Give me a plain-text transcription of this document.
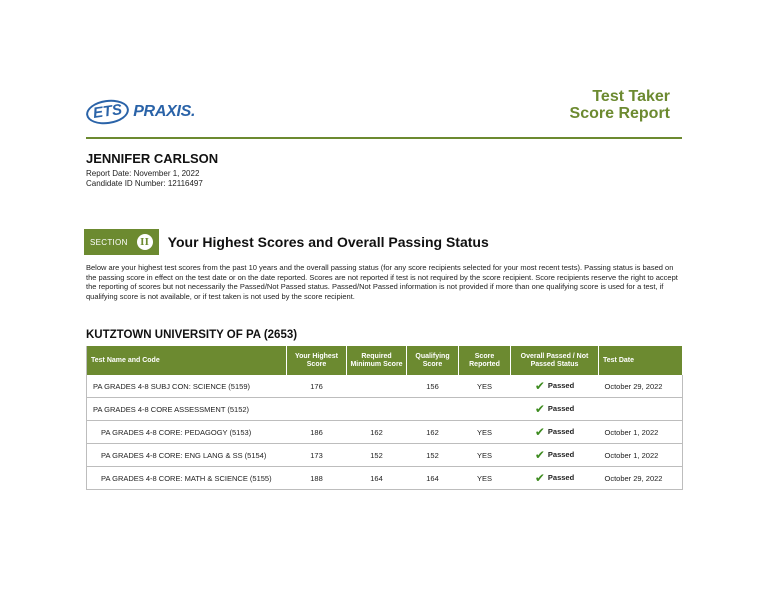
ETS PRAXIS.
Test Taker
Score Report
JENNIFER CARLSON
Report Date: November 1, 2022
Candidate ID Number: 12116497
SECTION	II Your Highest Scores and Overall Passing Status

Below are your highest test scores from the past 10 years and the overall passing status (for any score recipients selected for your most recent tests). Passing status is based on the passing score in effect on the test date or on the date reported. Scores are not reported if test is not required by the score recipient. Score recipients reserve the right to accept the reporting of scores but not necessarily the Passed/Not Passed status. Passed/Not Passed information is not provided if more than one qualifying score is used for a test, if qualifying score is not available, or if test taken is not used by the score recipient.

KUTZTOWN UNIVERSITY OF PA (2653)
Test Name and Code	Your Highest Score	Required Minimum Score	Qualifying Score	Score Reported	Overall Passed / Not Passed Status	Test Date
PA GRADES 4-8 SUBJ CON: SCIENCE (5159)	176		156	YES	✔ Passed	October 29, 2022
PA GRADES 4-8 CORE ASSESSMENT (5152)					✔ Passed	

PA GRADES 4-8 CORE: PEDAGOGY (5153)	186	162	162	YES	✔ Passed	October 1, 2022
PA GRADES 4-8 CORE: ENG LANG & SS (5154)	173	152	152	YES	✔ Passed	October 1, 2022
PA GRADES 4-8 CORE: MATH & SCIENCE (5155)	188	164	164	YES	✔ Passed	October 29, 2022
